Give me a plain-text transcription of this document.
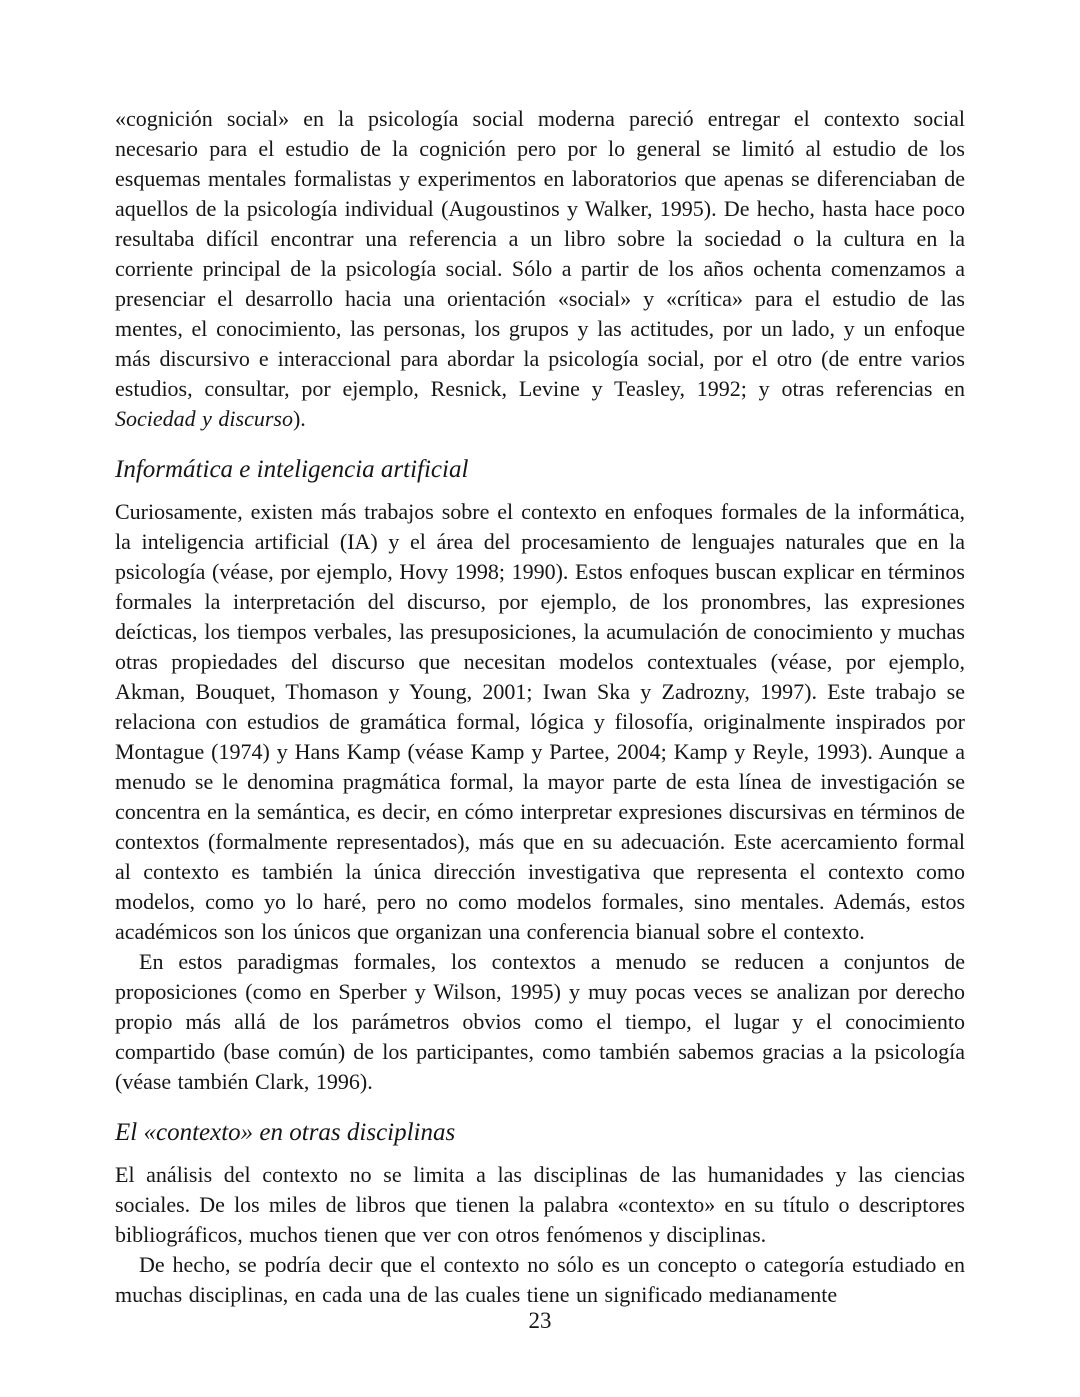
«cognición social» en la psicología social moderna pareció entregar el contexto social necesario para el estudio de la cognición pero por lo general se limitó al estudio de los esquemas mentales formalistas y experimentos en laboratorios que apenas se diferenciaban de aquellos de la psicología individual (Augoustinos y Walker, 1995). De hecho, hasta hace poco resultaba difícil encontrar una referencia a un libro sobre la sociedad o la cultura en la corriente principal de la psicología social. Sólo a partir de los años ochenta comenzamos a presenciar el desarrollo hacia una orientación «social» y «crítica» para el estudio de las mentes, el conocimiento, las personas, los grupos y las actitudes, por un lado, y un enfoque más discursivo e interaccional para abordar la psicología social, por el otro (de entre varios estudios, consultar, por ejemplo, Resnick, Levine y Teasley, 1992; y otras referencias en Sociedad y discurso).

Informática e inteligencia artificial

Curiosamente, existen más trabajos sobre el contexto en enfoques formales de la informática, la inteligencia artificial (IA) y el área del procesamiento de lenguajes naturales que en la psicología (véase, por ejemplo, Hovy 1998; 1990). Estos enfoques buscan explicar en términos formales la interpretación del discurso, por ejemplo, de los pronombres, las expresiones deícticas, los tiempos verbales, las presuposiciones, la acumulación de conocimiento y muchas otras propiedades del discurso que necesitan modelos contextuales (véase, por ejemplo, Akman, Bouquet, Thomason y Young, 2001; Iwan Ska y Zadrozny, 1997). Este trabajo se relaciona con estudios de gramática formal, lógica y filosofía, originalmente inspirados por Montague (1974) y Hans Kamp (véase Kamp y Partee, 2004; Kamp y Reyle, 1993). Aunque a menudo se le denomina pragmática formal, la mayor parte de esta línea de investigación se concentra en la semántica, es decir, en cómo interpretar expresiones discursivas en términos de contextos (formalmente representados), más que en su adecuación. Este acercamiento formal al contexto es también la única dirección investigativa que representa el contexto como modelos, como yo lo haré, pero no como modelos formales, sino mentales. Además, estos académicos son los únicos que organizan una conferencia bianual sobre el contexto.

En estos paradigmas formales, los contextos a menudo se reducen a conjuntos de proposiciones (como en Sperber y Wilson, 1995) y muy pocas veces se analizan por derecho propio más allá de los parámetros obvios como el tiempo, el lugar y el conocimiento compartido (base común) de los participantes, como también sabemos gracias a la psicología (véase también Clark, 1996).

El «contexto» en otras disciplinas

El análisis del contexto no se limita a las disciplinas de las humanidades y las ciencias sociales. De los miles de libros que tienen la palabra «contexto» en su título o descriptores bibliográficos, muchos tienen que ver con otros fenómenos y disciplinas.

De hecho, se podría decir que el contexto no sólo es un concepto o categoría estudiado en muchas disciplinas, en cada una de las cuales tiene un significado medianamente

23
